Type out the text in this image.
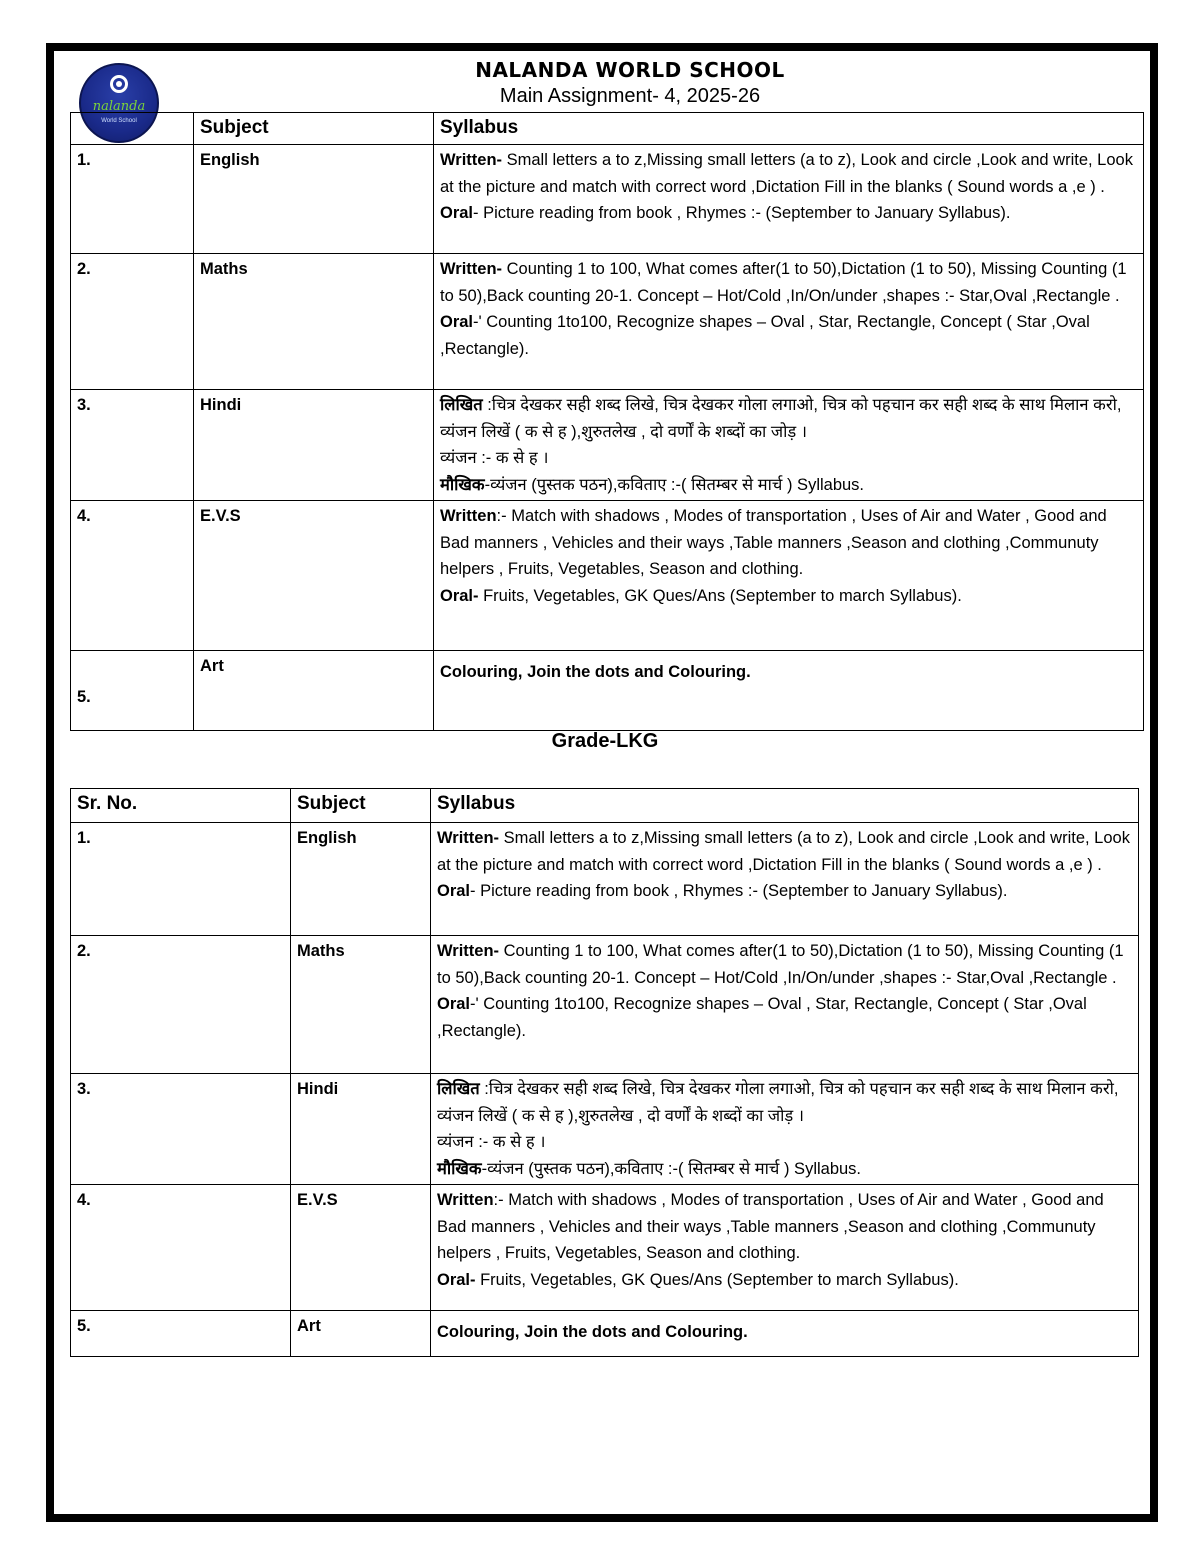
nalanda
World School
NALANDA WORLD SCHOOL
Main Assignment- 4, 2025-26
	Subject	Syllabus
1.	English	Written- Small letters a to z,Missing small letters (a to z), Look and circle ,Look and write, Look at the picture and match with correct word ,Dictation Fill in the blanks ( Sound words a ,e ) .
Oral- Picture reading from book , Rhymes :- (September to January Syllabus).

2.	Maths	Written- Counting 1 to 100, What comes after(1 to 50),Dictation (1 to 50), Missing Counting (1 to 50),Back counting 20-1. Concept – Hot/Cold ,In/On/under ,shapes :- Star,Oval ,Rectangle .
Oral-' Counting 1to100, Recognize shapes – Oval , Star, Rectangle, Concept ( Star ,Oval ,Rectangle).

3.	Hindi	लिखित :चित्र देखकर सही शब्द लिखे, चित्र देखकर गोला लगाओ, चित्र को पहचान कर सही शब्द के साथ मिलान करो, व्यंजन लिखें ( क से ह ),शुरुतलेख , दो वर्णों के शब्दों का जोड़ ।
व्यंजन :- क से ह ।
मौखिक-व्यंजन (पुस्तक पठन),कविताए :-( सितम्बर से मार्च ) Syllabus.

4.	E.V.S	Written:- Match with shadows , Modes of transportation , Uses of Air and Water , Good and Bad manners , Vehicles and their ways ,Table manners ,Season and clothing ,Communuty helpers , Fruits, Vegetables, Season and clothing.
Oral- Fruits, Vegetables, GK Ques/Ans (September to march Syllabus).

5.	Art	Colouring, Join the dots and Colouring.
Grade-LKG
Sr. No.	Subject	Syllabus
1.	English	Written- Small letters a to z,Missing small letters (a to z), Look and circle ,Look and write, Look at the picture and match with correct word ,Dictation Fill in the blanks ( Sound words a ,e ) .
Oral- Picture reading from book , Rhymes :- (September to January Syllabus).

2.	Maths	Written- Counting 1 to 100, What comes after(1 to 50),Dictation (1 to 50), Missing Counting (1 to 50),Back counting 20-1. Concept – Hot/Cold ,In/On/under ,shapes :- Star,Oval ,Rectangle .
Oral-' Counting 1to100, Recognize shapes – Oval , Star, Rectangle, Concept ( Star ,Oval ,Rectangle).

3.	Hindi	लिखित :चित्र देखकर सही शब्द लिखे, चित्र देखकर गोला लगाओ, चित्र को पहचान कर सही शब्द के साथ मिलान करो, व्यंजन लिखें ( क से ह ),शुरुतलेख , दो वर्णों के शब्दों का जोड़ ।
व्यंजन :- क से ह ।
मौखिक-व्यंजन (पुस्तक पठन),कविताए :-( सितम्बर से मार्च ) Syllabus.

4.	E.V.S	Written:- Match with shadows , Modes of transportation , Uses of Air and Water , Good and Bad manners , Vehicles and their ways ,Table manners ,Season and clothing ,Communuty helpers , Fruits, Vegetables, Season and clothing.
Oral- Fruits, Vegetables, GK Ques/Ans (September to march Syllabus).

5.	Art	Colouring, Join the dots and Colouring.
